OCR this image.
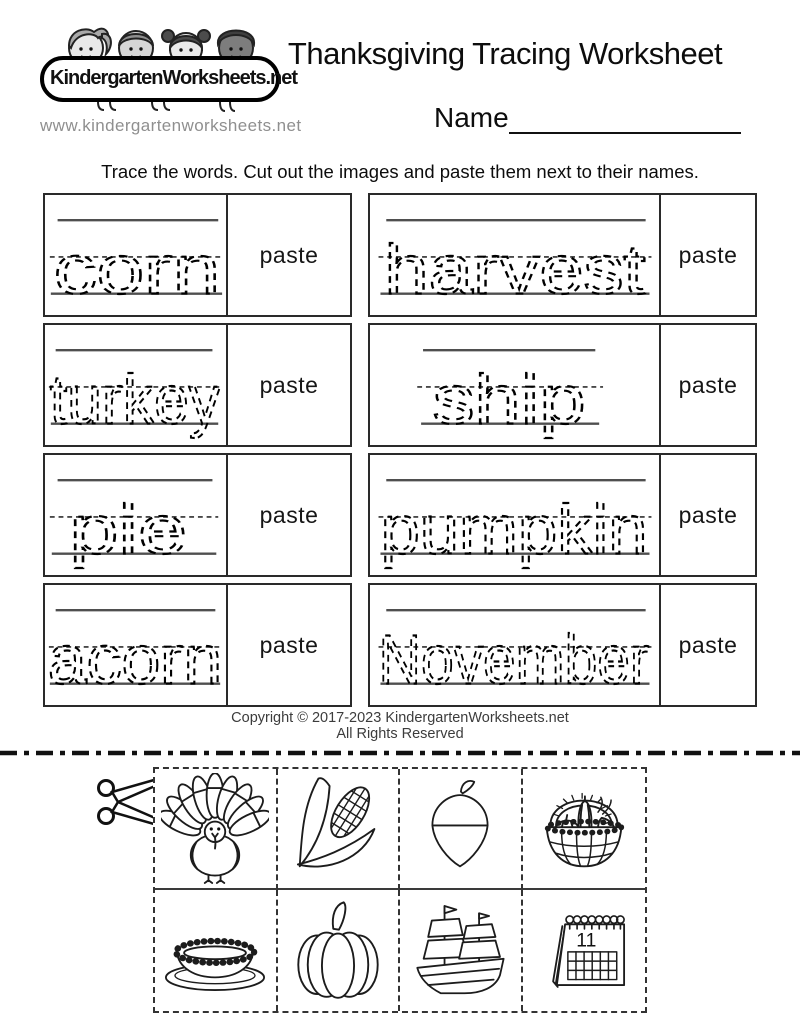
KindergartenWorksheets.net
www.kindergartenworksheets.net
Thanksgiving Tracing Worksheet
Name
Trace the words. Cut out the images and paste them next to their names.
corn paste harvest paste
turkey paste ship	paste
pie	paste pumpkin paste
acorn paste November paste
Copyright © 2017-2023 KindergartenWorksheets.net
All Rights Reserved
11
